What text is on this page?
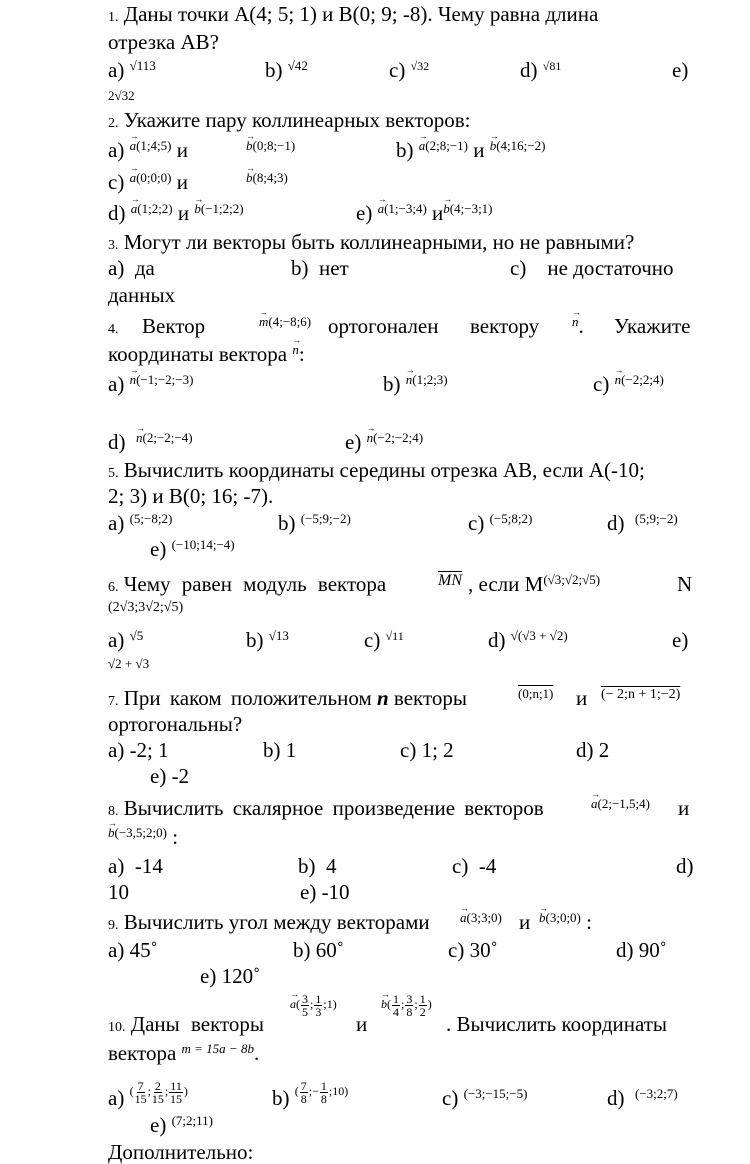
1. Даны точки A(4; 5; 1) и B(0; 9; -8). Чему равна длина
отрезка AB?
a) $^{√113}$	b) $^{√42}$	c) $^{√32}$	d) $^{√81}$	e)
2√32
2. Укажите пару коллинеарных векторов:
a) → $^{a(1;4;5)}$ и	→ $^{b(0;8;-1)}$	b) → $^{a(2;8;-1)}$ и → $^{b(4;16;-2)}$
c) → $^{a(0;0;0)}$ и	→ $^{b(8;4;3)}$
d) → $^{a(1;2;2)}$ и → $^{b(-1;2;2)}$	e) → $^{a(1;-3;4)}$ и→ $^{b(4;-3;1)}$
3. Могут ли векторы быть коллинеарными, но не равными?
a) да	b) нет	c) не достаточно
данных
4. Вектор	→ $^{m(4;-8;6)}$ ортогонален вектору	→ $^n$. Укажите
координаты вектора → $^n$:
a) → $^{n(-1;-2;-3)}$	b) → $^{n(1;2;3)}$	c) → $^{n(-2;2;4)}$
d) → $^{n(2;-2;-4)}$	e) → $^{n(-2;-2;4)}$
5. Вычислить координаты середины отрезка AB, если A(-10;
2; 3) и B(0; 16; -7).
a) $^{(5;-8;2)}$	b) $^{(-5;9;-2)}$	c) $^{(-5;8;2)}$	d) $^{(5;9;-2)}$
e) $^{(-10;14;-4)}$
6. Чему равен модуль вектора	$^{\overline{MN}}$ , если $M^{(√3;√2;√5)}$	N
(2√3;3√2;√5)
a) $^{√5}$	b) $^{√13}$	c) $^{√11}$	d) $^{√(√3 + √2)}$	e)
√2 + √3
7. При каком положительном n векторы	$^{(0;n;1)}$ и $^{(- 2;n + 1;-2)}$
ортогональны?
a) -2; 1	b) 1	c) 1; 2	d) 2
e) -2
8. Вычислить скалярное произведение векторов	→ $^{a(2;-1,5;4)}$ и
→ $^{b(-3,5;2;0)}$ :
a) -14	b) 4	c) -4	d)
10	e) -10
9. Вычислить угол между векторами → $^{a(3;3;0)}$ и → $^{b(3;0;0)}$ :
a) 45˚	b) 60˚	c) 30˚	d) 90˚
e) 120˚
10. Даны векторы
→ $a( \frac{3}{5}$ ; $\frac{1}{3}$ ;1)
и
→ $b( \frac{1}{4}$ ; $\frac{3}{8}$ ; $\frac{1}{2}$ )
. Вычислить координаты
вектора $^{m = 15a - 8b}$.
a) $^{( \frac{7}{15} ; \frac{2}{15} ; \frac{11}{15} )}$	b) $^{( \frac{7}{8} ;- \frac{1}{8} ;10)}$	c) $^{(-3;-15;-5)}$	d) $^{(-3;2;7)}$
e) $^{(7;2;11)}$
Дополнительно:
